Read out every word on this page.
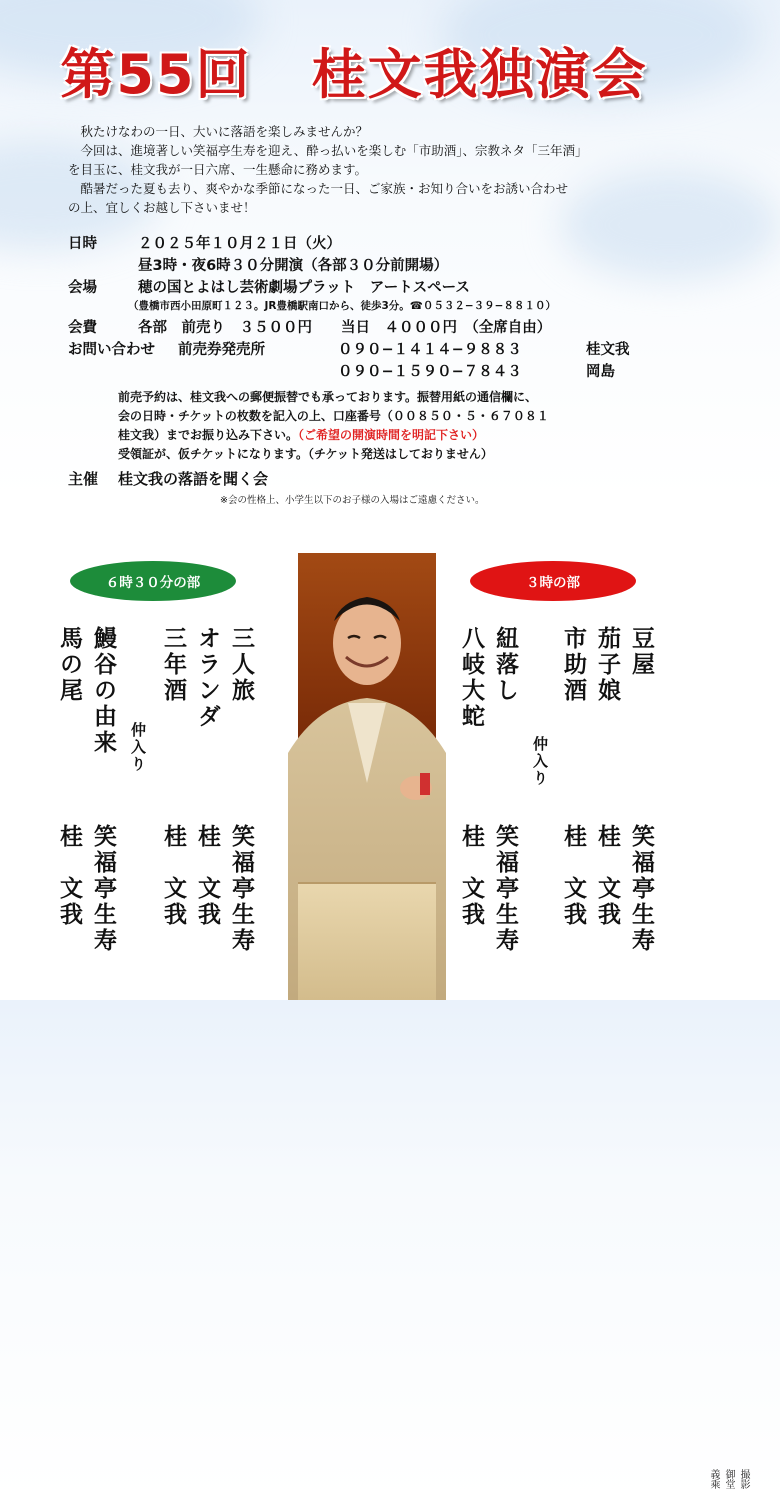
第55回 桂文我独演会

秋たけなわの一日、大いに落語を楽しみませんか？

今回は、進境著しい笑福亭生寿を迎え、酔っ払いを楽しむ「市助酒」、宗教ネタ「三年酒」

を目玉に、桂文我が一日六席、一生懸命に務めます。

酷暑だった夏も去り、爽やかな季節になった一日、ご家族・お知り合いをお誘い合わせ

の上、宜しくお越し下さいませ！

日時	２０２５年１０月２１日（火）
昼3時・夜6時３０分開演（各部３０分前開場）
会場	穂の国とよはし芸術劇場プラット　アートスペース
（豊橋市西小田原町１２３。JR豊橋駅南口から、徒歩3分。☎０５３２−３９−８８１０）
会費	各部　前売り　３５００円　　当日　４０００円　（全席自由）
お問い合わせ 前売券発売所	０９０−１４１４−９８８３	桂文我
０９０−１５９０−７８４３	岡島
前売予約は、桂文我への郵便振替でも承っております。振替用紙の通信欄に、
会の日時・チケットの枚数を記入の上、口座番号（００８５０・５・６７０８１
桂文我）までお振り込み下さい。（ご希望の開演時間を明記下さい）
受領証が、仮チケットになります。（チケット発送はしておりません）
主催 桂文我の落語を聞く会
※会の性格上、小学生以下のお子様の入場はご遠慮ください。
６時３０分の部	３時の部
撮影　御堂義乘
三人旅
オランダ
三年酒
仲入り
鰻谷の由来
馬の尾
笑福亭生寿
桂　文我
桂　文我
笑福亭生寿
桂　文我
豆屋
茄子娘
市助酒
仲入り
紐落し
八岐大蛇
笑福亭生寿
桂　文我
桂　文我
笑福亭生寿
桂　文我
